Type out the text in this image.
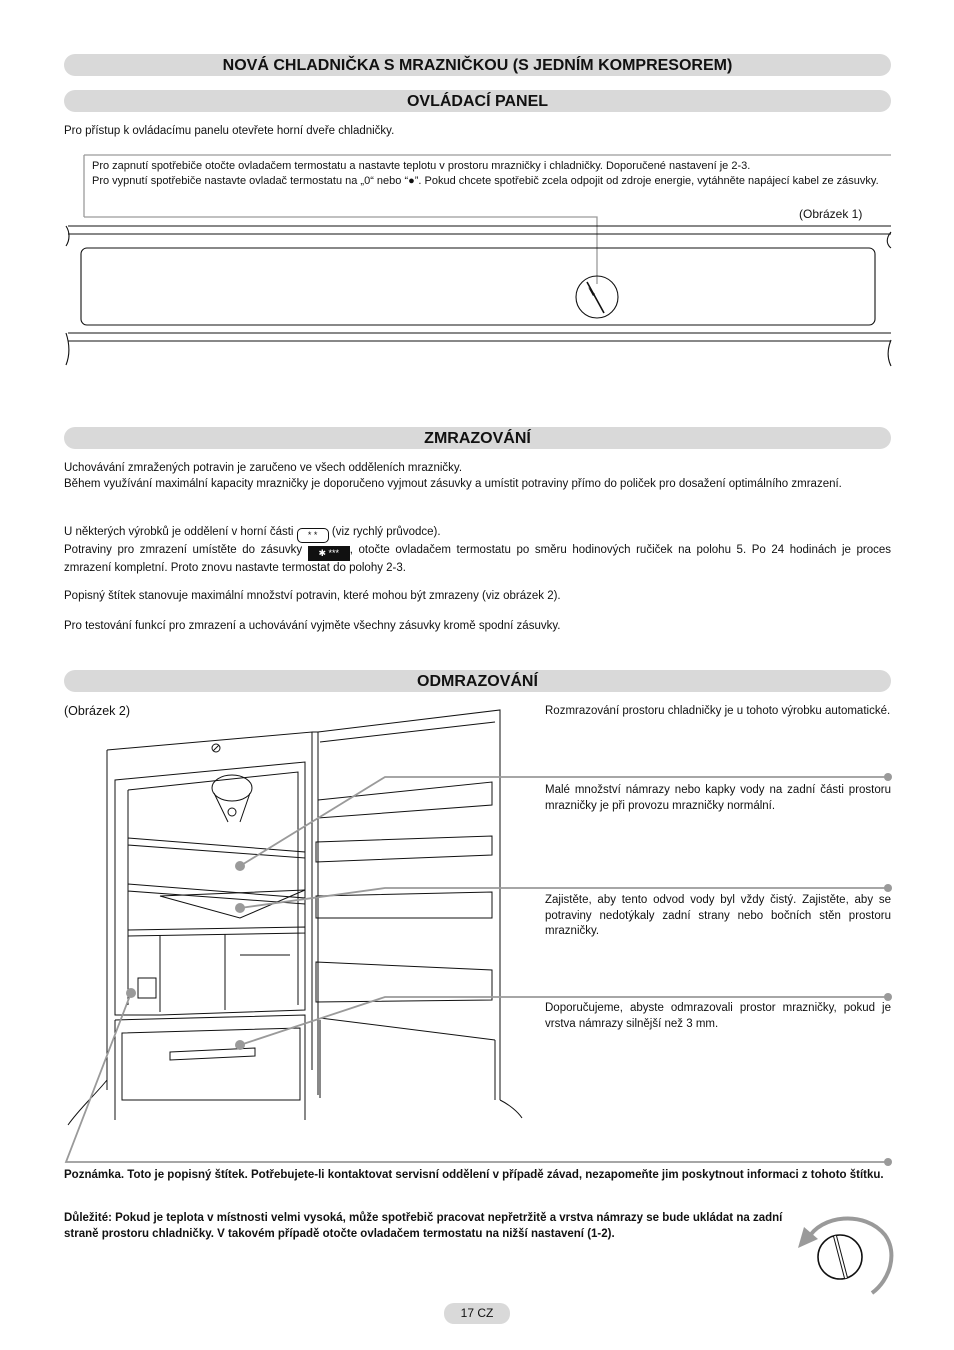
NOVÁ CHLADNIČKA S MRAZNIČKOU (S JEDNÍM KOMPRESOREM)
OVLÁDACÍ PANEL
Pro přístup k ovládacímu panelu otevřete horní dveře chladničky.
Pro zapnutí spotřebiče otočte ovladačem termostatu a nastavte teplotu v prostoru mrazničky i chladničky. Doporučené nastavení je 2-3.
Pro vypnutí spotřebiče nastavte ovladač termostatu na „0“ nebo “●”. Pokud chcete spotřebič zcela odpojit od zdroje energie, vytáhněte napájecí kabel ze zásuvky.
(Obrázek 1)
ZMRAZOVÁNÍ
Uchovávání zmražených potravin je zaručeno ve všech odděleních mrazničky.
Během využívání maximální kapacity mrazničky je doporučeno vyjmout zásuvky a umístit potraviny přímo do poliček pro dosažení optimálního zmrazení.
U některých výrobků je oddělení v horní části * * (viz rychlý průvodce).
Potraviny pro zmrazení umístěte do zásuvky ✱ *** , otočte ovladačem termostatu po směru hodinových ručiček na polohu 5. Po 24 hodinách je proces zmrazení kompletní. Proto znovu nastavte termostat do polohy 2-3.
Popisný štítek stanovuje maximální množství potravin, které mohou být zmrazeny (viz obrázek 2).
Pro testování funkcí pro zmrazení a uchovávání vyjměte všechny zásuvky kromě spodní zásuvky.
ODMRAZOVÁNÍ
(Obrázek 2)	Rozmrazování prostoru chladničky je u tohoto výrobku automatické.
Malé množství námrazy nebo kapky vody na zadní části prostoru mrazničky je při provozu mrazničky normální.
Zajistěte, aby tento odvod vody byl vždy čistý. Zajistěte, aby se potraviny nedotýkaly zadní strany nebo bočních stěn prostoru mrazničky.
Doporučujeme, abyste odmrazovali prostor mrazničky, pokud je vrstva námrazy silnější než 3 mm.
Poznámka. Toto je popisný štítek. Potřebujete-li kontaktovat servisní oddělení v případě závad, nezapomeňte jim poskytnout informaci z tohoto štítku.
Důležité: Pokud je teplota v místnosti velmi vysoká, může spotřebič pracovat nepřetržitě a vrstva námrazy se bude ukládat na zadní straně prostoru chladničky. V takovém případě otočte ovladačem termostatu na nižší nastavení (1-2).
17 CZ
